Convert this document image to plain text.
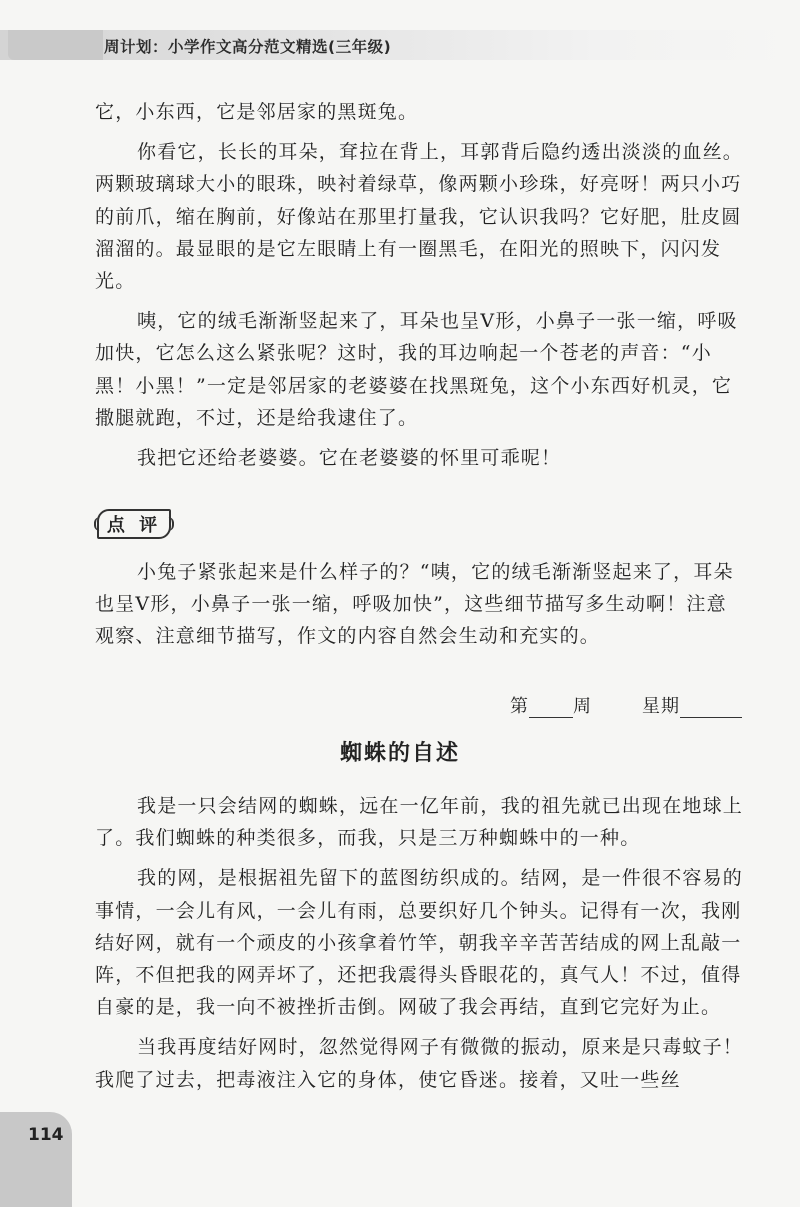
周计划：小学作文高分范文精选(三年级)

它，小东西，它是邻居家的黑斑兔。

你看它，长长的耳朵，耷拉在背上，耳郭背后隐约透出淡淡的血丝。两颗玻璃球大小的眼珠，映衬着绿草，像两颗小珍珠，好亮呀！两只小巧的前爪，缩在胸前，好像站在那里打量我，它认识我吗？它好肥，肚皮圆溜溜的。最显眼的是它左眼睛上有一圈黑毛，在阳光的照映下，闪闪发光。

咦，它的绒毛渐渐竖起来了，耳朵也呈V形，小鼻子一张一缩，呼吸加快，它怎么这么紧张呢？这时，我的耳边响起一个苍老的声音：“小黑！小黑！”一定是邻居家的老婆婆在找黑斑兔，这个小东西好机灵，它撒腿就跑，不过，还是给我逮住了。

我把它还给老婆婆。它在老婆婆的怀里可乖呢！

点 评

小兔子紧张起来是什么样子的？“咦，它的绒毛渐渐竖起来了，耳朵也呈V形，小鼻子一张一缩，呼吸加快”，这些细节描写多生动啊！注意观察、注意细节描写，作文的内容自然会生动和充实的。

第 周	星期
蜘蛛的自述

我是一只会结网的蜘蛛，远在一亿年前，我的祖先就已出现在地球上了。我们蜘蛛的种类很多，而我，只是三万种蜘蛛中的一种。

我的网，是根据祖先留下的蓝图纺织成的。结网，是一件很不容易的事情，一会儿有风，一会儿有雨，总要织好几个钟头。记得有一次，我刚结好网，就有一个顽皮的小孩拿着竹竿，朝我辛辛苦苦结成的网上乱敲一阵，不但把我的网弄坏了，还把我震得头昏眼花的，真气人！不过，值得自豪的是，我一向不被挫折击倒。网破了我会再结，直到它完好为止。

当我再度结好网时，忽然觉得网子有微微的振动，原来是只毒蚊子！我爬了过去，把毒液注入它的身体，使它昏迷。接着，又吐一些丝

114
